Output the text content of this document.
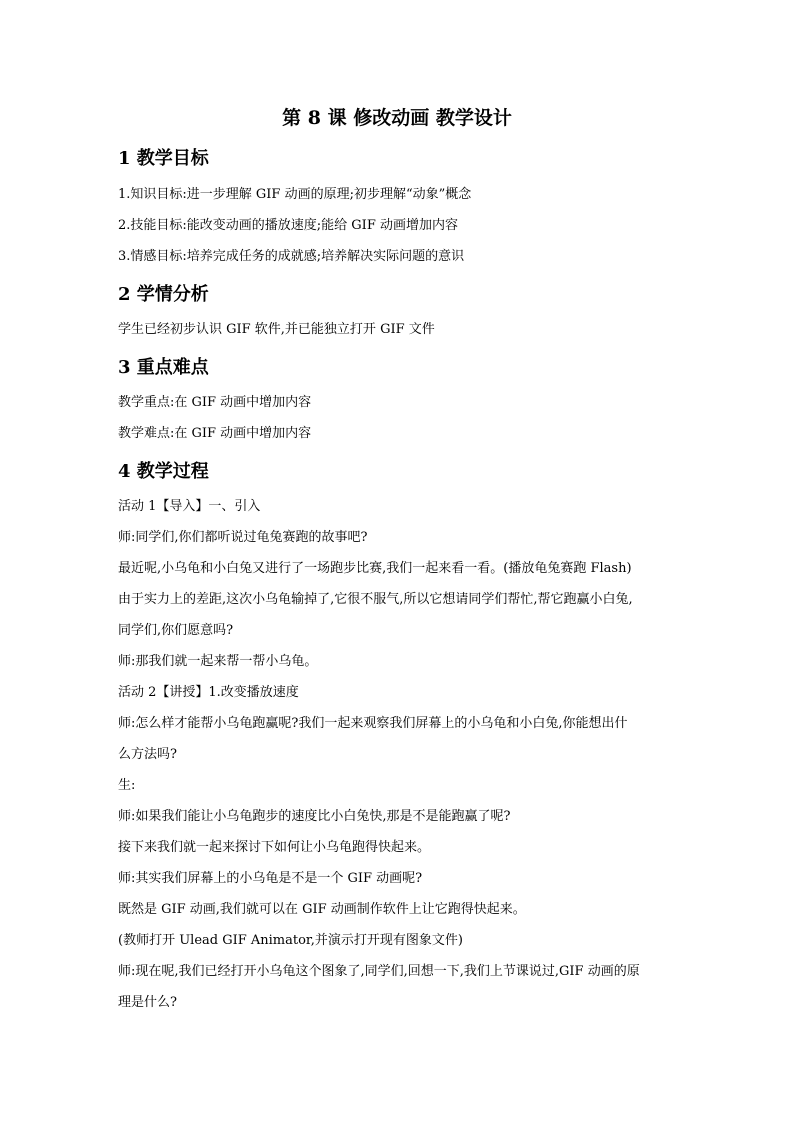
第 8 课 修改动画 教学设计
1 教学目标
1.知识目标:进一步理解 GIF 动画的原理;初步理解“动象”概念
2.技能目标:能改变动画的播放速度;能给 GIF 动画增加内容
3.情感目标:培养完成任务的成就感;培养解决实际问题的意识
2 学情分析
学生已经初步认识 GIF 软件,并已能独立打开 GIF 文件
3 重点难点
教学重点:在 GIF 动画中增加内容
教学难点:在 GIF 动画中增加内容
4 教学过程
活动 1【导入】一、引入
师:同学们,你们都听说过龟兔赛跑的故事吧?
最近呢,小乌龟和小白兔又进行了一场跑步比赛,我们一起来看一看。(播放龟兔赛跑 Flash)
由于实力上的差距,这次小乌龟输掉了,它很不服气,所以它想请同学们帮忙,帮它跑赢小白兔,
同学们,你们愿意吗?
师:那我们就一起来帮一帮小乌龟。
活动 2【讲授】1.改变播放速度
师:怎么样才能帮小乌龟跑赢呢?我们一起来观察我们屏幕上的小乌龟和小白兔,你能想出什
么方法吗?
生:
师:如果我们能让小乌龟跑步的速度比小白兔快,那是不是能跑赢了呢?
接下来我们就一起来探讨下如何让小乌龟跑得快起来。
师:其实我们屏幕上的小乌龟是不是一个 GIF 动画呢?
既然是 GIF 动画,我们就可以在 GIF 动画制作软件上让它跑得快起来。
(教师打开 Ulead GIF Animator,并演示打开现有图象文件)
师:现在呢,我们已经打开小乌龟这个图象了,同学们,回想一下,我们上节课说过,GIF 动画的原
理是什么?
